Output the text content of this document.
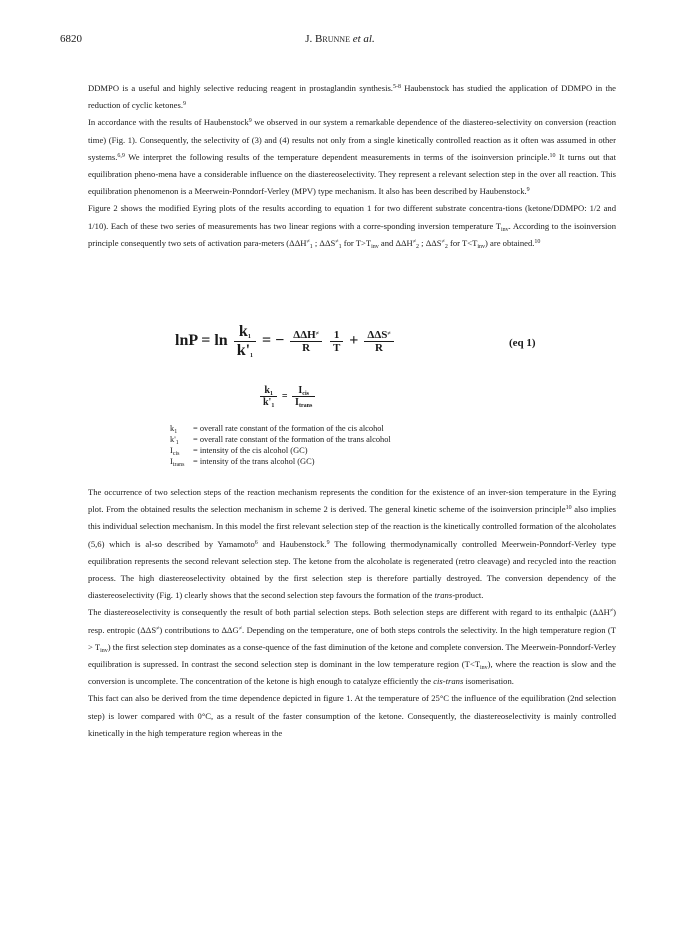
6820	J. Brunne et al.

DDMPO is a useful and highly selective reducing reagent in prostaglandin synthesis.$^{5-8}$ Haubenstock has studied the application of DDMPO in the reduction of cyclic ketones.$^9$

In accordance with the results of Haubenstock$^9$ we observed in our system a remarkable dependence of the diastereo-selectivity on conversion (reaction time) (Fig. 1). Consequently, the selectivity of (3) and (4) results not only from a single kinetically controlled reaction as it often was assumed in other systems.$^{6,9}$ We interpret the following results of the temperature dependent measurements in terms of the isoinversion principle.$^{10}$ It turns out that equilibration pheno-mena have a considerable influence on the diastereoselectivity. They represent a relevant selection step in the over all reaction. This equilibration phenomenon is a Meerwein-Ponndorf-Verley (MPV) type mechanism. It also has been described by Haubenstock.$^9$

Figure 2 shows the modified Eyring plots of the results according to equation 1 for two different substrate concentra-tions (ketone/DDMPO: 1/2 and 1/10). Each of these two series of measurements has two linear regions with a corre-sponding inversion temperature $T_{inv}$. According to the isoinversion principle consequently two sets of activation para-meters ($\Delta\Delta H^\ne_1$ ; $\Delta\Delta S^\ne_1$ for $T>T_{inv}$ and $\Delta\Delta H^\ne_2$ ; $\Delta\Delta S^\ne_2$ for $T<T_{inv}$) are obtained.$^{10}$

$\ln P = \ln \frac{k_1}{k'_1}$ = − $\frac{\Delta\Delta H^\ne}{R}$
$\frac{1}{T} + \frac{\Delta\Delta S^\ne}{R}$	(eq 1)
$\frac{k_1}{k'_1} = \frac{I_{cis}}{I_{trans}}$
$k_1$ = overall rate constant of the formation of the cis alcohol
$k'_1$ = overall rate constant of the formation of the trans alcohol
$I_{cis}$ = intensity of the cis alcohol (GC)
$I_{trans}$ = intensity of the trans alcohol (GC)

The occurrence of two selection steps of the reaction mechanism represents the condition for the existence of an inver-sion temperature in the Eyring plot. From the obtained results the selection mechanism in scheme 2 is derived. The general kinetic scheme of the isoinversion principle$^{10}$ also implies this individual selection mechanism. In this model the first relevant selection step of the reaction is the kinetically controlled formation of the alcoholates (5,6) which is al-so described by Yamamoto$^6$ and Haubenstock.$^9$ The following thermodynamically controlled Meerwein-Ponndorf-Verley type equilibration represents the second relevant selection step. The ketone from the alcoholate is regenerated (retro cleavage) and recycled into the reaction process. The high diastereoselectivity obtained by the first selection step is therefore partially destroyed. The conversion dependency of the diastereoselectivity (Fig. 1) clearly shows that the second selection step favours the formation of the trans-product.

The diastereoselectivity is consequently the result of both partial selection steps. Both selection steps are different with regard to its enthalpic (ΔΔH≠) resp. entropic (ΔΔS≠) contributions to ΔΔG≠. Depending on the temperature, one of both steps controls the selectivity. In the high temperature region $(T > T_{inv})$ the first selection step dominates as a conse-quence of the fast diminution of the ketone and complete conversion. The Meerwein-Ponndorf-Verley equilibration is supressed. In contrast the second selection step is dominant in the low temperature region $(T<T_{inv})$, where the reaction is slow and the conversion is uncomplete. The concentration of the ketone is high enough to catalyze efficiently the cis-trans isomerisation.

This fact can also be derived from the time dependence depicted in figure 1. At the temperature of 25°C the influence of the equilibration (2nd selection step) is lower compared with 0°C, as a result of the faster consumption of the ketone. Consequently, the diastereoselectivity is mainly controlled kinetically in the high temperature region whereas in the
